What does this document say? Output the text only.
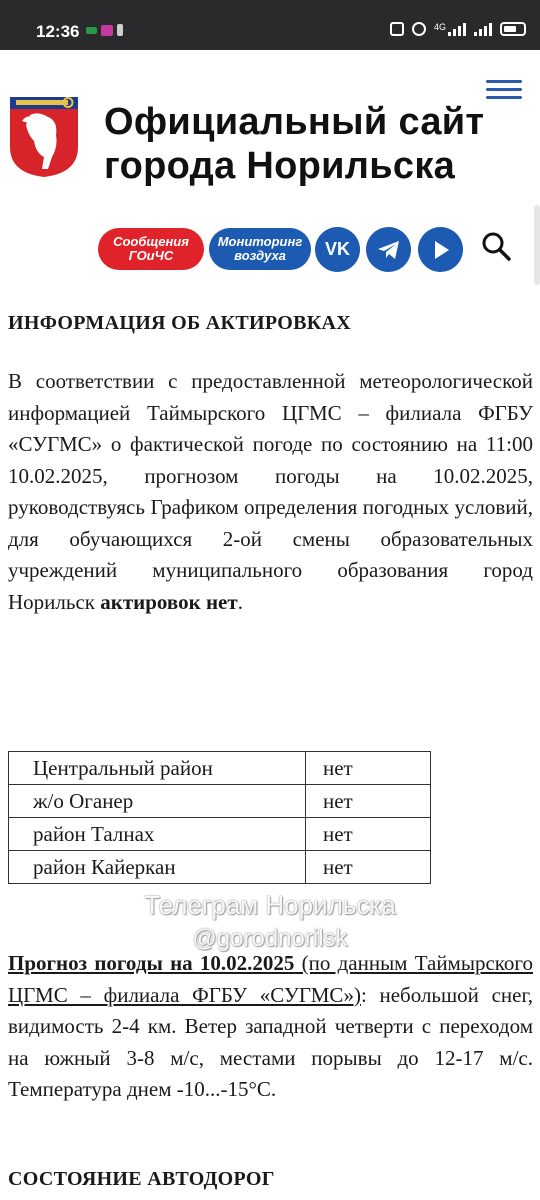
12:36	4G
Официальный сайт
города Норильска
Сообщения
ГОиЧС
Мониторинг
воздуха VK
ИНФОРМАЦИЯ ОБ АКТИРОВКАХ
В соответствии с предоставленной метеорологической информацией Таймырского ЦГМС – филиала ФГБУ «СУГМС» о фактической погоде по состоянию на 11:00 10.02.2025, прогнозом погоды на 10.02.2025, руководствуясь Графиком определения погодных условий, для обучающихся 2-ой смены образовательных учреждений муниципального образования город Норильск актировок нет.
Центральный район	нет
ж/о Оганер	нет
район Талнах	нет
район Кайеркан	нет
Телеграм Норильска
@gorodnorilsk
Прогноз погоды на 10.02.2025 (по данным Таймырского ЦГМС – филиала ФГБУ «СУГМС»): небольшой снег, видимость 2-4 км. Ветер западной четверти с переходом на южный 3-8 м/с, местами порывы до 12-17 м/с. Температура днем -10...-15°С.
СОСТОЯНИЕ АВТОДОРОГ
